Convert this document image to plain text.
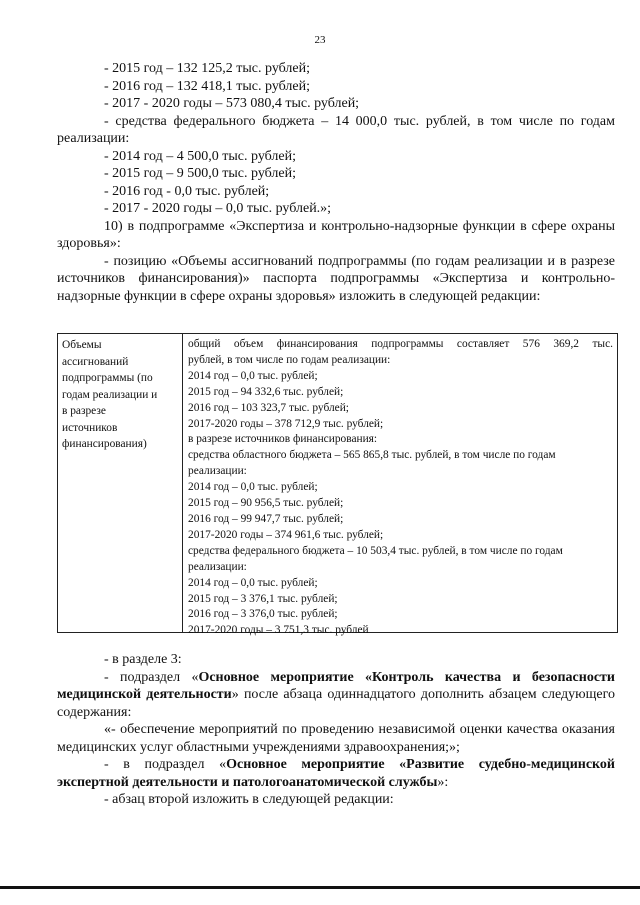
23

- 2015 год – 132 125,2 тыс. рублей;

- 2016 год – 132 418,1 тыс. рублей;

- 2017 - 2020 годы – 573 080,4 тыс. рублей;

- средства федерального бюджета – 14 000,0 тыс. рублей, в том числе по годам реализации:

- 2014 год – 4 500,0 тыс. рублей;

- 2015 год – 9 500,0 тыс. рублей;

- 2016 год - 0,0 тыс. рублей;

- 2017 - 2020 годы – 0,0 тыс. рублей.»;

10) в подпрограмме «Экспертиза и контрольно-надзорные функции в сфере охраны здоровья»:

- позицию «Объемы ассигнований подпрограммы (по годам реализации и в разрезе источников финансирования)» паспорта подпрограммы «Экспертиза и контрольно-надзорные функции в сфере охраны здоровья» изложить в следующей редакции:

Объемы
ассигнований
подпрограммы (по
годам реализации и
в разрезе
источников
финансирования)
общий объем финансирования подпрограммы составляет 576 369,2 тыс.
рублей, в том числе по годам реализации:
2014 год – 0,0 тыс. рублей;
2015 год – 94 332,6 тыс. рублей;
2016 год – 103 323,7 тыс. рублей;
2017-2020 годы – 378 712,9 тыс. рублей;
в разрезе источников финансирования:
средства областного бюджета – 565 865,8 тыс. рублей, в том числе по годам
реализации:
2014 год – 0,0 тыс. рублей;
2015 год – 90 956,5 тыс. рублей;
2016 год – 99 947,7 тыс. рублей;
2017-2020 годы – 374 961,6 тыс. рублей;
средства федерального бюджета – 10 503,4 тыс. рублей, в том числе по годам
реализации:
2014 год – 0,0 тыс. рублей;
2015 год – 3 376,1 тыс. рублей;
2016 год – 3 376,0 тыс. рублей;
2017-2020 годы – 3 751,3 тыс. рублей

- в разделе 3:

- подраздел «Основное мероприятие «Контроль качества и безопасности медицинской деятельности» после абзаца одиннадцатого дополнить абзацем следующего содержания:

«- обеспечение мероприятий по проведению независимой оценки качества оказания медицинских услуг областными учреждениями здравоохранения;»;

- в подраздел «Основное мероприятие «Развитие судебно-медицинской экспертной деятельности и патологоанатомической службы»:

- абзац второй изложить в следующей редакции:
